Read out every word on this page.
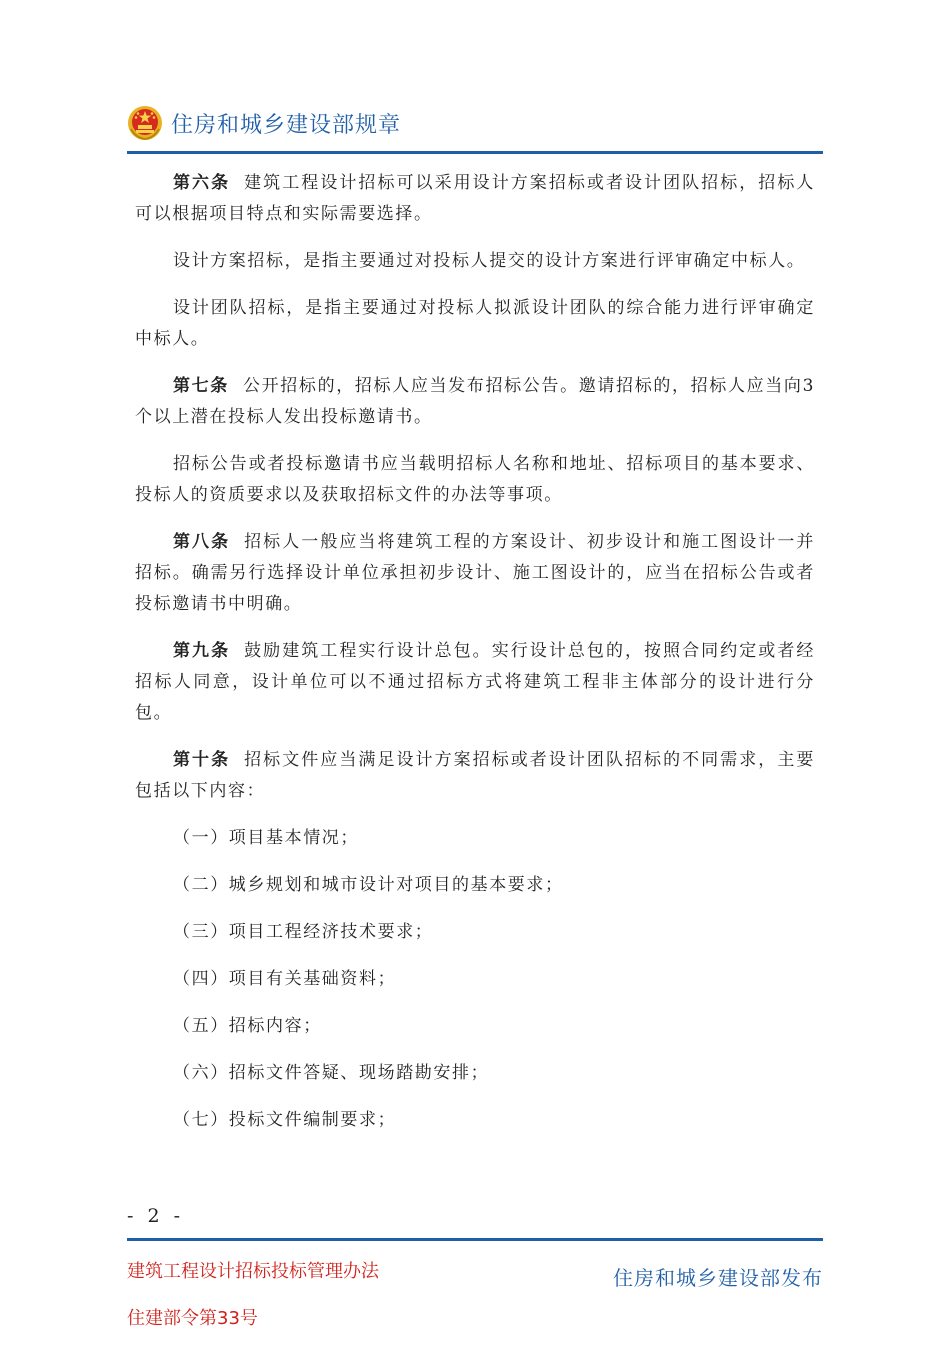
住房和城乡建设部规章

第六条 建筑工程设计招标可以采用设计方案招标或者设计团队招标，招标人可以根据项目特点和实际需要选择。

设计方案招标，是指主要通过对投标人提交的设计方案进行评审确定中标人。

设计团队招标，是指主要通过对投标人拟派设计团队的综合能力进行评审确定中标人。

第七条 公开招标的，招标人应当发布招标公告。邀请招标的，招标人应当向3个以上潜在投标人发出投标邀请书。

招标公告或者投标邀请书应当载明招标人名称和地址、招标项目的基本要求、投标人的资质要求以及获取招标文件的办法等事项。

第八条 招标人一般应当将建筑工程的方案设计、初步设计和施工图设计一并招标。确需另行选择设计单位承担初步设计、施工图设计的，应当在招标公告或者投标邀请书中明确。

第九条 鼓励建筑工程实行设计总包。实行设计总包的，按照合同约定或者经招标人同意，设计单位可以不通过招标方式将建筑工程非主体部分的设计进行分包。

第十条 招标文件应当满足设计方案招标或者设计团队招标的不同需求，主要包括以下内容：

（一）项目基本情况；

（二）城乡规划和城市设计对项目的基本要求；

（三）项目工程经济技术要求；

（四）项目有关基础资料；

（五）招标内容；

（六）招标文件答疑、现场踏勘安排；

（七）投标文件编制要求；

- 2 -
建筑工程设计招标投标管理办法
住建部令第33号
住房和城乡建设部发布
